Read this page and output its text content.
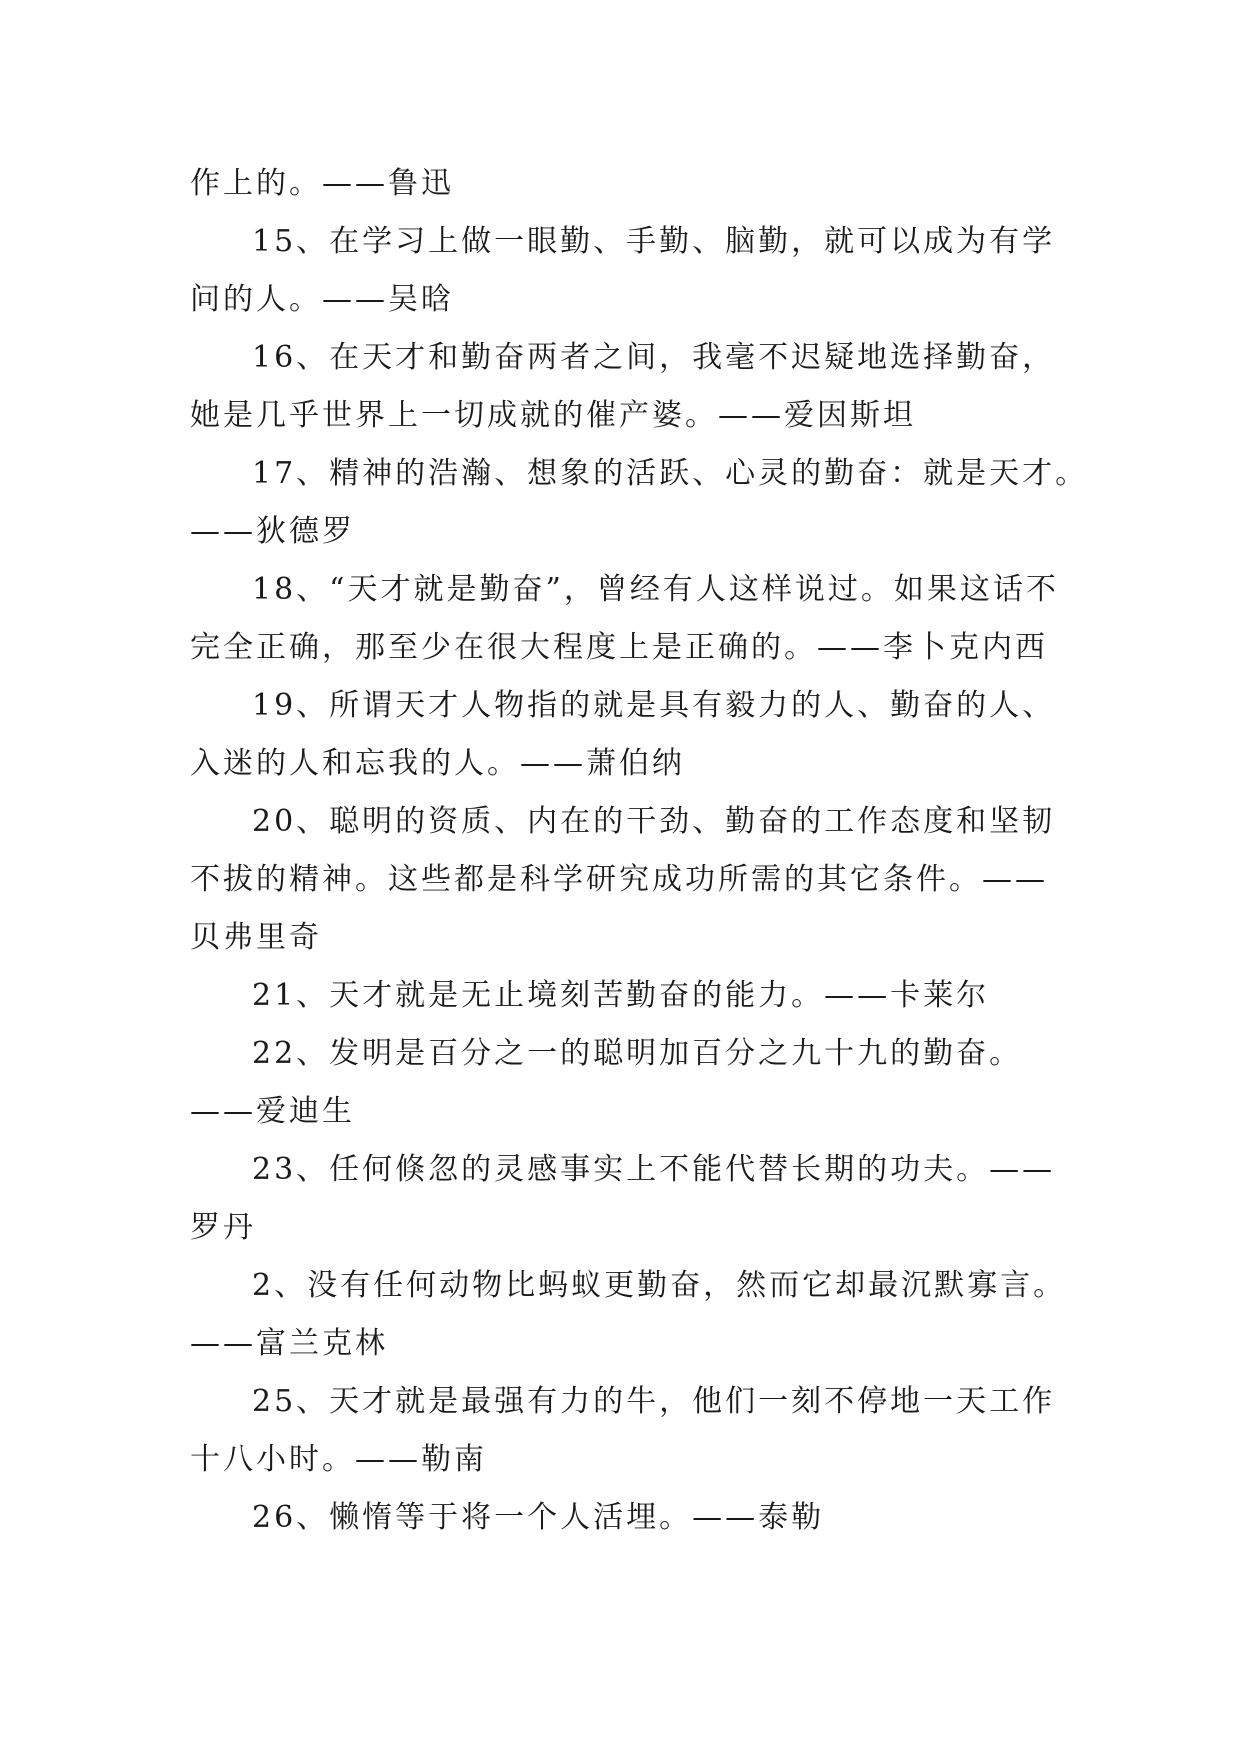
作上的。——鲁迅
15、在学习上做一眼勤、手勤、脑勤，就可以成为有学
问的人。——吴晗
16、在天才和勤奋两者之间，我毫不迟疑地选择勤奋，
她是几乎世界上一切成就的催产婆。——爱因斯坦
17、精神的浩瀚、想象的活跃、心灵的勤奋：就是天才。
——狄德罗
18、“天才就是勤奋”，曾经有人这样说过。如果这话不
完全正确，那至少在很大程度上是正确的。——李卜克内西
19、所谓天才人物指的就是具有毅力的人、勤奋的人、
入迷的人和忘我的人。——萧伯纳
20、聪明的资质、内在的干劲、勤奋的工作态度和坚韧
不拔的精神。这些都是科学研究成功所需的其它条件。——
贝弗里奇
21、天才就是无止境刻苦勤奋的能力。——卡莱尔
22、发明是百分之一的聪明加百分之九十九的勤奋。
——爱迪生
23、任何倏忽的灵感事实上不能代替长期的功夫。——
罗丹
2、没有任何动物比蚂蚁更勤奋，然而它却最沉默寡言。
——富兰克林
25、天才就是最强有力的牛，他们一刻不停地一天工作
十八小时。——勒南
26、懒惰等于将一个人活埋。——泰勒
